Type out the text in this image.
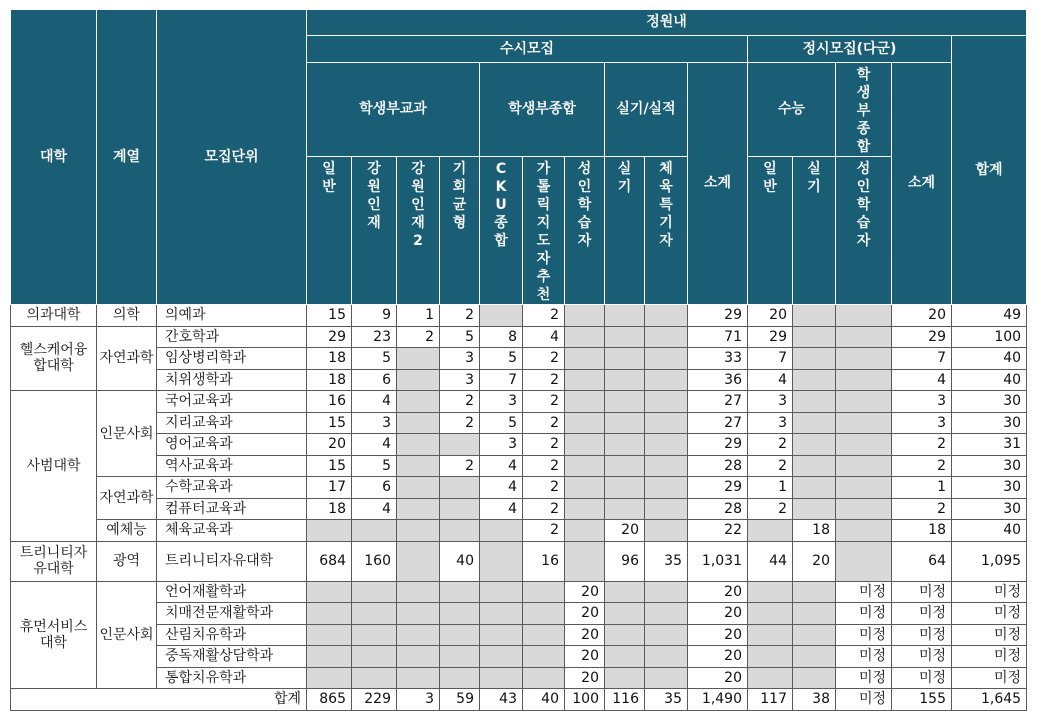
대학	계열	모집단위	정원내														
			수시모집										정시모집(다군)				합계
			학생부교과				학생부종합			실기/실적		소계	수능		학생부종합	소계	

			일반	강원인재	강원인재2	기회균형	CKU종합	가톨릭지도자추천	성인학습자	실기	체육특기자		일반	실기	성인학습자		

의과대학	의학	의예과	15	9	1	2		2				29	20			20	49
헬스케어융합대학	자연과학	간호학과	29	23	2	5	8	4				71	29			29	100
		임상병리학과	18	5		3	5	2				33	7			7	40
		치위생학과	18	6		3	7	2				36	4			4	40
사범대학	인문사회	국어교육과	16	4		2	3	2				27	3			3	30
		지리교육과	15	3		2	5	2				27	3			3	30
		영어교육과	20	4			3	2				29	2			2	31
		역사교육과	15	5		2	4	2				28	2			2	30
	자연과학	수학교육과	17	6			4	2				29	1			1	30
		컴퓨터교육과	18	4			4	2				28	2			2	30
	예체능	체육교육과						2		20		22		18		18	40
트리니티자유대학	광역	트리니티자유대학	684	160		40		16		96	35	1,031	44	20		64	1,095
휴먼서비스대학	인문사회	언어재활학과							20			20			미정	미정	미정
		치매전문재활학과							20			20			미정	미정	미정
		산림치유학과							20			20			미정	미정	미정
		중독재활상담학과							20			20			미정	미정	미정
		통합치유학과							20			20			미정	미정	미정
합계			865	229	3	59	43	40	100	116	35	1,490	117	38	미정	155	1,645
